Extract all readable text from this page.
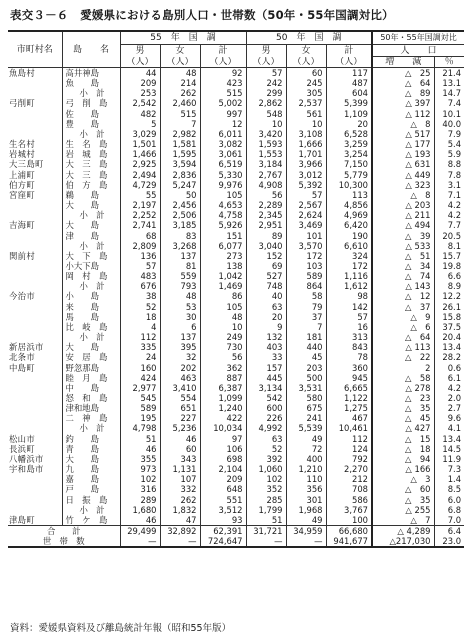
表交３－６　愛媛県における島別人口・世帯数（50年・55年国調対比）
市町村名	島　　名	55　年　国　調			50　年　国　調			50年・55年国調対比	
		男	女	計	男	女	計	人　　口	
		（人）	（人）	（人）	（人）	（人）	（人）	増　　減	％
魚島村	高井神島	44	48	92	57	60	117	△　25	21.4
	魚　　島	209	214	423	242	245	487	△　64	13.1
	小　計	253	262	515	299	305	604	△　89	14.7
弓削町	弓　削　島	2,542	2,460	5,002	2,862	2,537	5,399	△ 397	7.4
	佐　　島	482	515	997	548	561	1,109	△ 112	10.1
	豊　　島	5	7	12	10	10	20	△　8	40.0
	小　計	3,029	2,982	6,011	3,420	3,108	6,528	△ 517	7.9
生名村	生　名　島	1,501	1,581	3,082	1,593	1,666	3,259	△ 177	5.4
岩城村	岩　城　島	1,466	1,595	3,061	1,553	1,701	3,254	△ 193	5.9
大三島町	大　三　島	2,925	3,594	6,519	3,184	3,966	7,150	△ 631	8.8
上浦町	大　三　島	2,494	2,836	5,330	2,767	3,012	5,779	△ 449	7.8
伯方町	伯　方　島	4,729	5,247	9,976	4,908	5,392	10,300	△ 323	3.1
宮窪町	鵜　　島	55	50	105	56	57	113	△　8	7.1
	大　　島	2,197	2,456	4,653	2,289	2,567	4,856	△ 203	4.2
	小　計	2,252	2,506	4,758	2,345	2,624	4,969	△ 211	4.2
吉海町	大　　島	2,741	3,185	5,926	2,951	3,469	6,420	△ 494	7.7
	津　　島	68	83	151	89	101	190	△　39	20.5
	小　計	2,809	3,268	6,077	3,040	3,570	6,610	△ 533	8.1
関前村	大　下　島	136	137	273	152	172	324	△　51	15.7
	小大下島	57	81	138	69	103	172	△　34	19.8
	岡　村　島	483	559	1,042	527	589	1,116	△　74	6.6
	小　計	676	793	1,469	748	864	1,612	△ 143	8.9
今治市	小　　島	38	48	86	40	58	98	△　12	12.2
	来　　島	52	53	105	63	79	142	△　37	26.1
	馬　　島	18	30	48	20	37	57	△　9	15.8
	比　岐　島	4	6	10	9	7	16	△　6	37.5
	小　計	112	137	249	132	181	313	△　64	20.4
新居浜市	大　　島	335	395	730	403	440	843	△ 113	13.4
北条市	安　居　島	24	32	56	33	45	78	△　22	28.2
中島町	野忽那島	160	202	362	157	203	360	2	0.6
	睦　月　島	424	463	887	445	500	945	△　58	6.1
	中　　島	2,977	3,410	6,387	3,134	3,531	6,665	△ 278	4.2
	怒　和　島	545	554	1,099	542	580	1,122	△　23	2.0
	津和地島	589	651	1,240	600	675	1,275	△　35	2.7
	二　神　島	195	227	422	226	241	467	△　45	9.6
	小　計	4,798	5,236	10,034	4,992	5,539	10,461	△ 427	4.1
松山市	釣　　島	51	46	97	63	49	112	△　15	13.4
長浜町	青　　島	46	60	106	52	72	124	△　18	14.5
八幡浜市	大　　島	355	343	698	392	400	792	△　94	11.9
宇和島市	九　　島	973	1,131	2,104	1,060	1,210	2,270	△ 166	7.3
	嘉　　島	102	107	209	102	110	212	△　3	1.4
	戸　　島	316	332	648	352	356	708	△　60	8.5
	日　振　島	289	262	551	285	301	586	△　35	6.0
	小　計	1,680	1,832	3,512	1,799	1,968	3,767	△ 255	6.8
津島町	竹　ケ　島	46	47	93	51	49	100	△　7	7.0
合　　計		29,499	32,892	62,391	31,721	34,959	66,680	△ 4,289	6.4
世　帯　数		—	—	724,647	—	—	941,677	△217,030	23.0
資料：愛媛県資料及び離島統計年報（昭和55年版）
